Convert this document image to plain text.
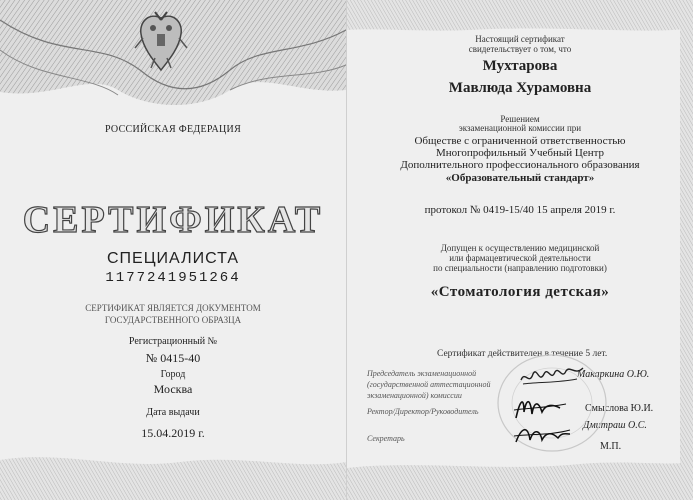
РОССИЙСКАЯ ФЕДЕРАЦИЯ
СЕРТИФИКАТ
СПЕЦИАЛИСТА
1177241951264
СЕРТИФИКАТ ЯВЛЯЕТСЯ ДОКУМЕНТОМ
ГОСУДАРСТВЕННОГО ОБРАЗЦА
Регистрационный №
№ 0415-40
Город
Москва
Дата выдачи
15.04.2019 г.
Настоящий сертификат
свидетельствует о том, что
Мухтарова
Мавлюда Хурамовна
Решением
экзаменационной комиссии при
Обществе с ограниченной ответственностью
Многопрофильный Учебный Центр
Дополнительного профессионального образования
«Образовательный стандарт»
протокол № 0419-15/40 15 апреля 2019 г.
Допущен к осуществлению медицинской
или фармацевтической деятельности
по специальности (направлению подготовки)
«Стоматология детская»
Сертификат действителен в течение 5 лет.
Председатель экзаменационной
(государственной аттестационной
экзаменационной) комиссии
Макаркина О.Ю.
Ректор/Директор/Руководитель	Смыслова Ю.И.
Секретарь
Дмитраш О.С.
М.П.
